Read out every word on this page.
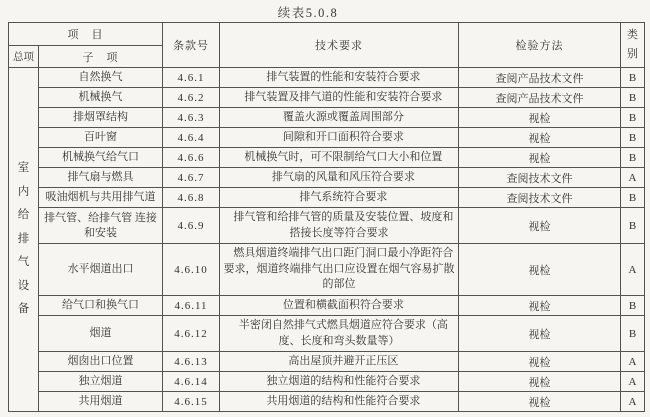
续表5.0.8
项　目		条款号	技术要求	检验方法	类别

总项	子　项				

室内给排气设备	自然换气	4.6.1	排气装置的性能和安装符合要求	查阅产品技术文件	B
	机械换气	4.6.2	排气装置及排气道的性能和安装符合要求	查阅产品技术文件	B
	排烟罩结构	4.6.3	覆盖火源或覆盖周围部分	视检	B
	百叶窗	4.6.4	间隙和开口面积符合要求	视检	B
	机械换气给气口	4.6.6	机械换气时，可不限制给气口大小和位置	视检	B
	排气扇与燃具	4.6.7	排气扇的风量和风压符合要求	查阅技术文件	A
	吸油烟机与共用排气道	4.6.8	排气系统符合要求	查阅技术文件	B
	排气管、给排气管 连接和安装	4.6.9	排气管和给排气管的质量及安装位置、坡度和搭接长度等符合要求	视检	B
	水平烟道出口	4.6.10	燃具烟道终端排气出口距门洞口最小净距符合要求，烟道终端排气出口应设置在烟气容易扩散的部位	视检	A
	给气口和换气口	4.6.11	位置和横截面积符合要求	视检	B
	烟道	4.6.12	半密闭自然排气式燃具烟道应符合要求（高度、长度和弯头数量等）	视检	B
	烟囱出口位置	4.6.13	高出屋顶并避开正压区	视检	A
	独立烟道	4.6.14	独立烟道的结构和性能符合要求	视检	A
	共用烟道	4.6.15	共用烟道的结构和性能符合要求	视检	A
